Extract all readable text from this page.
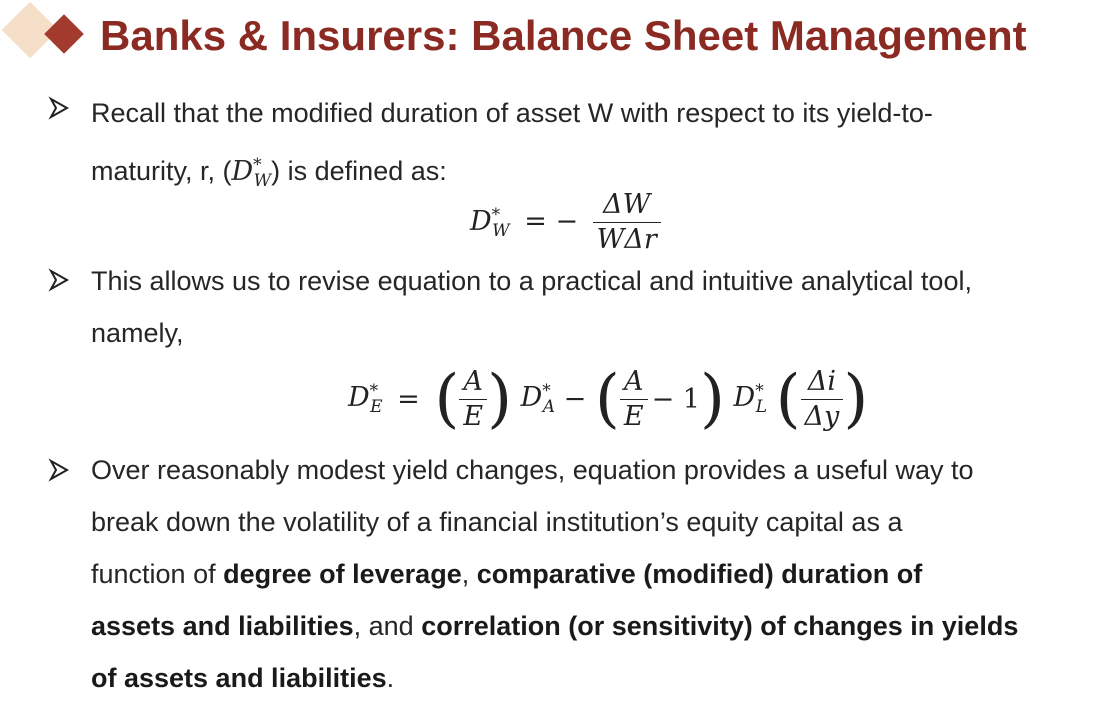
Banks & Insurers: Balance Sheet Management
Recall that the modified duration of asset W with respect to its yield-to-
maturity, r, $(D^*_W)$ is defined as:
$D^*_W$ = − $\frac{\Delta W}{\text{WΔr}}$
This allows us to revise equation to a practical and intuitive analytical tool,
namely,
$D^*_E$ = ( $\frac{A}{E}$ ) $D^*_A$ − ( $\frac{A}{E} - 1$) $D^*_L$ ( $\frac{\Delta i}{\Delta y}$ )
Over reasonably modest yield changes, equation provides a useful way to
break down the volatility of a financial institution’s equity capital as a
function of degree of leverage, comparative (modified) duration of
assets and liabilities, and correlation (or sensitivity) of changes in yields
of assets and liabilities.
